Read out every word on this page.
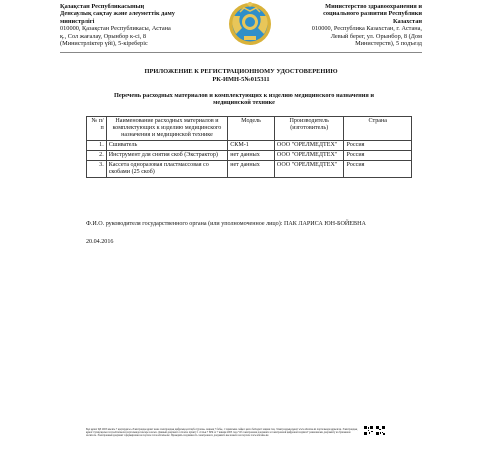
Қазақстан Республикасының
Денсаулық сақтау және әлеуметтік даму
министрлігі
010000, Қазақстан Республикасы, Астана
қ., Сол жағалау, Орынбор к-сі, 8
(Министрліктер үйі), 5-кіреберіс
Министерство здравоохранения и
социального развития Республики
Казахстан
010000, Республика Казахстан, г. Астана,
Левый берег, ул. Орынбор, 8 (Дом
Министерств), 5 подъезд
ПРИЛОЖЕНИЕ К РЕГИСТРАЦИОННОМУ УДОСТОВЕРЕНИЮ
РК-ИМН-5№015311
Перечень расходных материалов и комплектующих к изделию медицинского назначения и медицинской технике
№ п/п	Наименование расходных материалов и комплектующих к изделию медицинского назначения и медицинской технике	Модель	Производитель (изготовитель)	Страна
1.	Сшиватель	СКМ-1	ООО "ОРЕЛМЕДТЕХ"	Россия
2.	Инструмент для снятия скоб (Экстрактор)	нет данных	ООО "ОРЕЛМЕДТЕХ"	Россия
3.	Кассета одноразовая пластмассовая со скобами (25 скоб)	нет данных	ООО "ОРЕЛМЕДТЕХ"	Россия
Ф.И.О. руководителя государственного органа (или уполномоченное лицо): ПАК ЛАРИСА ЮН-БОЙЕВНА
20.04.2016
Бұл құжат ҚР 2003 жылғы 7 қаңтардағы «Электронды құжат және электрондық цифрлық қолтаңба туралы» заңның 7 бабы, 1 тармағына сәйкес қағаз бетіндегі заңмен тең. Электрондық құжат www.elicense.kz порталында құрылған. Электрондық құжат түпнұсқасын www.elicense.kz порталында тексере аласыз. Данный документ согласно пункту 1 статьи 7 ЗРК от 7 января 2003 года "Об электронном документе и электронной цифровой подписи" равнозначен документу на бумажном носителе. Электронный документ сформирован на портале www.elicense.kz. Проверить подлинность электронного документа вы можете на портале www.elicense.kz.
